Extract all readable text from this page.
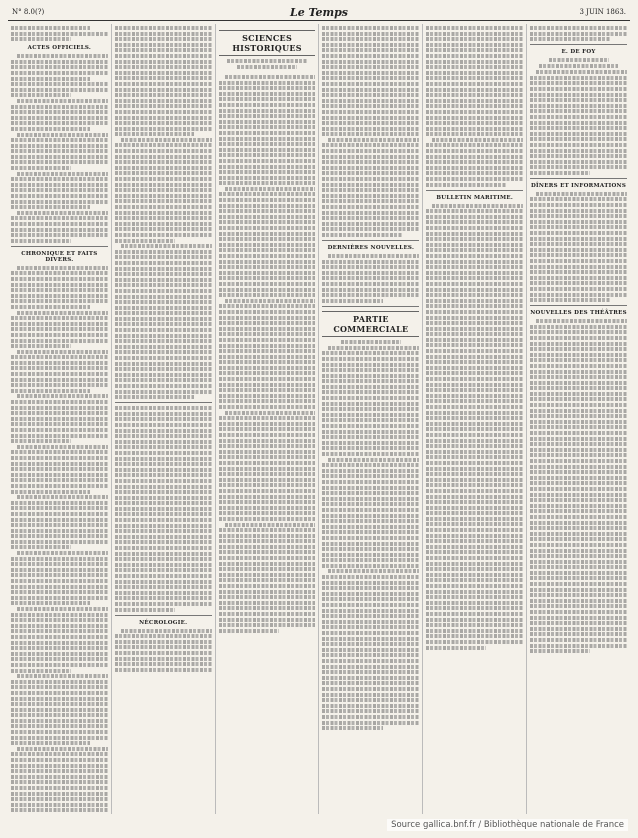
N° 8.0(?)	Le Temps	3 JUIN 1863.
ACTES OFFICIELS.
CHRONIQUE ET FAITS DIVERS.
NÉCROLOGIE.
SCIENCES HISTORIQUES
DERNIÈRES NOUVELLES.
PARTIE COMMERCIALE
BULLETIN MARITIME.
E. DE FOY
DÎNERS ET INFORMATIONS
NOUVELLES DES THÉÂTRES
Source gallica.bnf.fr / Bibliothèque nationale de France
